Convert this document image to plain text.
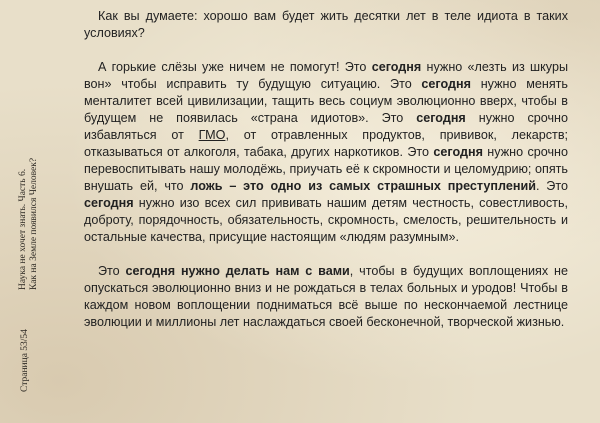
Наука не хочет знать. Часть 6. Как на Земле появился Человек?
Страница 53/54

Как вы думаете: хорошо вам будет жить десятки лет в теле идиота в таких условиях?

А горькие слёзы уже ничем не помогут! Это сегодня нужно «лезть из шкуры вон» чтобы исправить ту будущую ситуацию. Это сегодня нужно менять менталитет всей цивилизации, тащить весь социум эволюционно вверх, чтобы в будущем не появилась «страна идиотов». Это сегодня нужно срочно избавляться от ГМО, от отравленных продуктов, прививок, лекарств; отказываться от алкоголя, табака, других наркотиков. Это сегодня нужно срочно перевоспитывать нашу молодёжь, приучать её к скромности и целомудрию; опять внушать ей, что ложь – это одно из самых страшных преступлений. Это сегодня нужно изо всех сил прививать нашим детям честность, совестливость, доброту, порядочность, обязательность, скромность, смелость, решительность и остальные качества, присущие настоящим «людям разумным».

Это сегодня нужно делать нам с вами, чтобы в будущих воплощениях не опускаться эволюционно вниз и не рождаться в телах больных и уродов! Чтобы в каждом новом воплощении подниматься всё выше по нескончаемой лестнице эволюции и миллионы лет наслаждаться своей бесконечной, творческой жизнью.
